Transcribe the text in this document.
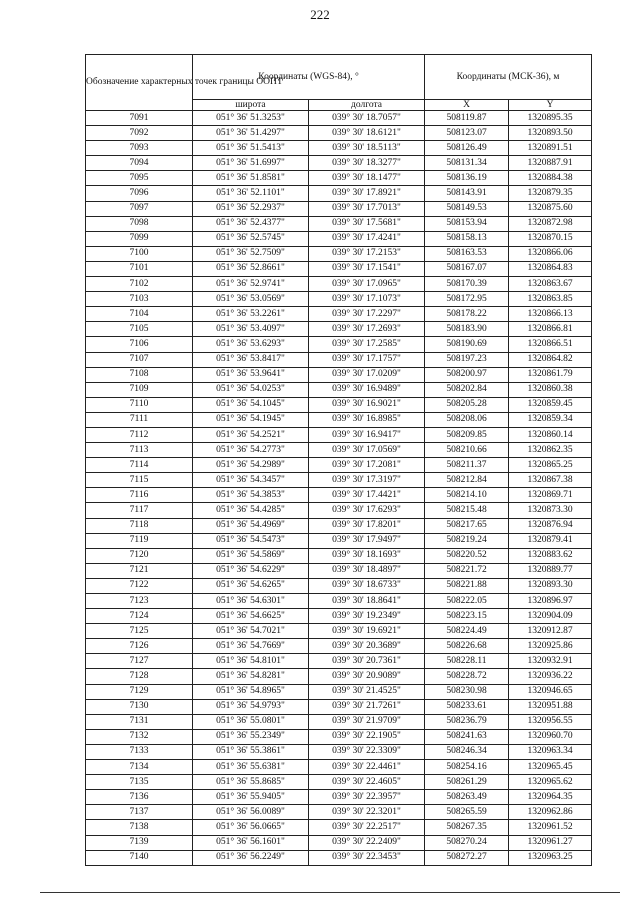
222
Обозначение характерных точек границы ООПТ	Координаты (WGS-84), °		Координаты (МСК-36), м	
	широта	долгота	X	Y
7091	051° 36' 51.3253"	039° 30' 18.7057"	508119.87	1320895.35
7092	051° 36' 51.4297"	039° 30' 18.6121"	508123.07	1320893.50
7093	051° 36' 51.5413"	039° 30' 18.5113"	508126.49	1320891.51
7094	051° 36' 51.6997"	039° 30' 18.3277"	508131.34	1320887.91
7095	051° 36' 51.8581"	039° 30' 18.1477"	508136.19	1320884.38
7096	051° 36' 52.1101"	039° 30' 17.8921"	508143.91	1320879.35
7097	051° 36' 52.2937"	039° 30' 17.7013"	508149.53	1320875.60
7098	051° 36' 52.4377"	039° 30' 17.5681"	508153.94	1320872.98
7099	051° 36' 52.5745"	039° 30' 17.4241"	508158.13	1320870.15
7100	051° 36' 52.7509"	039° 30' 17.2153"	508163.53	1320866.06
7101	051° 36' 52.8661"	039° 30' 17.1541"	508167.07	1320864.83
7102	051° 36' 52.9741"	039° 30' 17.0965"	508170.39	1320863.67
7103	051° 36' 53.0569"	039° 30' 17.1073"	508172.95	1320863.85
7104	051° 36' 53.2261"	039° 30' 17.2297"	508178.22	1320866.13
7105	051° 36' 53.4097"	039° 30' 17.2693"	508183.90	1320866.81
7106	051° 36' 53.6293"	039° 30' 17.2585"	508190.69	1320866.51
7107	051° 36' 53.8417"	039° 30' 17.1757"	508197.23	1320864.82
7108	051° 36' 53.9641"	039° 30' 17.0209"	508200.97	1320861.79
7109	051° 36' 54.0253"	039° 30' 16.9489"	508202.84	1320860.38
7110	051° 36' 54.1045"	039° 30' 16.9021"	508205.28	1320859.45
7111	051° 36' 54.1945"	039° 30' 16.8985"	508208.06	1320859.34
7112	051° 36' 54.2521"	039° 30' 16.9417"	508209.85	1320860.14
7113	051° 36' 54.2773"	039° 30' 17.0569"	508210.66	1320862.35
7114	051° 36' 54.2989"	039° 30' 17.2081"	508211.37	1320865.25
7115	051° 36' 54.3457"	039° 30' 17.3197"	508212.84	1320867.38
7116	051° 36' 54.3853"	039° 30' 17.4421"	508214.10	1320869.71
7117	051° 36' 54.4285"	039° 30' 17.6293"	508215.48	1320873.30
7118	051° 36' 54.4969"	039° 30' 17.8201"	508217.65	1320876.94
7119	051° 36' 54.5473"	039° 30' 17.9497"	508219.24	1320879.41
7120	051° 36' 54.5869"	039° 30' 18.1693"	508220.52	1320883.62
7121	051° 36' 54.6229"	039° 30' 18.4897"	508221.72	1320889.77
7122	051° 36' 54.6265"	039° 30' 18.6733"	508221.88	1320893.30
7123	051° 36' 54.6301"	039° 30' 18.8641"	508222.05	1320896.97
7124	051° 36' 54.6625"	039° 30' 19.2349"	508223.15	1320904.09
7125	051° 36' 54.7021"	039° 30' 19.6921"	508224.49	1320912.87
7126	051° 36' 54.7669"	039° 30' 20.3689"	508226.68	1320925.86
7127	051° 36' 54.8101"	039° 30' 20.7361"	508228.11	1320932.91
7128	051° 36' 54.8281"	039° 30' 20.9089"	508228.72	1320936.22
7129	051° 36' 54.8965"	039° 30' 21.4525"	508230.98	1320946.65
7130	051° 36' 54.9793"	039° 30' 21.7261"	508233.61	1320951.88
7131	051° 36' 55.0801"	039° 30' 21.9709"	508236.79	1320956.55
7132	051° 36' 55.2349"	039° 30' 22.1905"	508241.63	1320960.70
7133	051° 36' 55.3861"	039° 30' 22.3309"	508246.34	1320963.34
7134	051° 36' 55.6381"	039° 30' 22.4461"	508254.16	1320965.45
7135	051° 36' 55.8685"	039° 30' 22.4605"	508261.29	1320965.62
7136	051° 36' 55.9405"	039° 30' 22.3957"	508263.49	1320964.35
7137	051° 36' 56.0089"	039° 30' 22.3201"	508265.59	1320962.86
7138	051° 36' 56.0665"	039° 30' 22.2517"	508267.35	1320961.52
7139	051° 36' 56.1601"	039° 30' 22.2409"	508270.24	1320961.27
7140	051° 36' 56.2249"	039° 30' 22.3453"	508272.27	1320963.25
